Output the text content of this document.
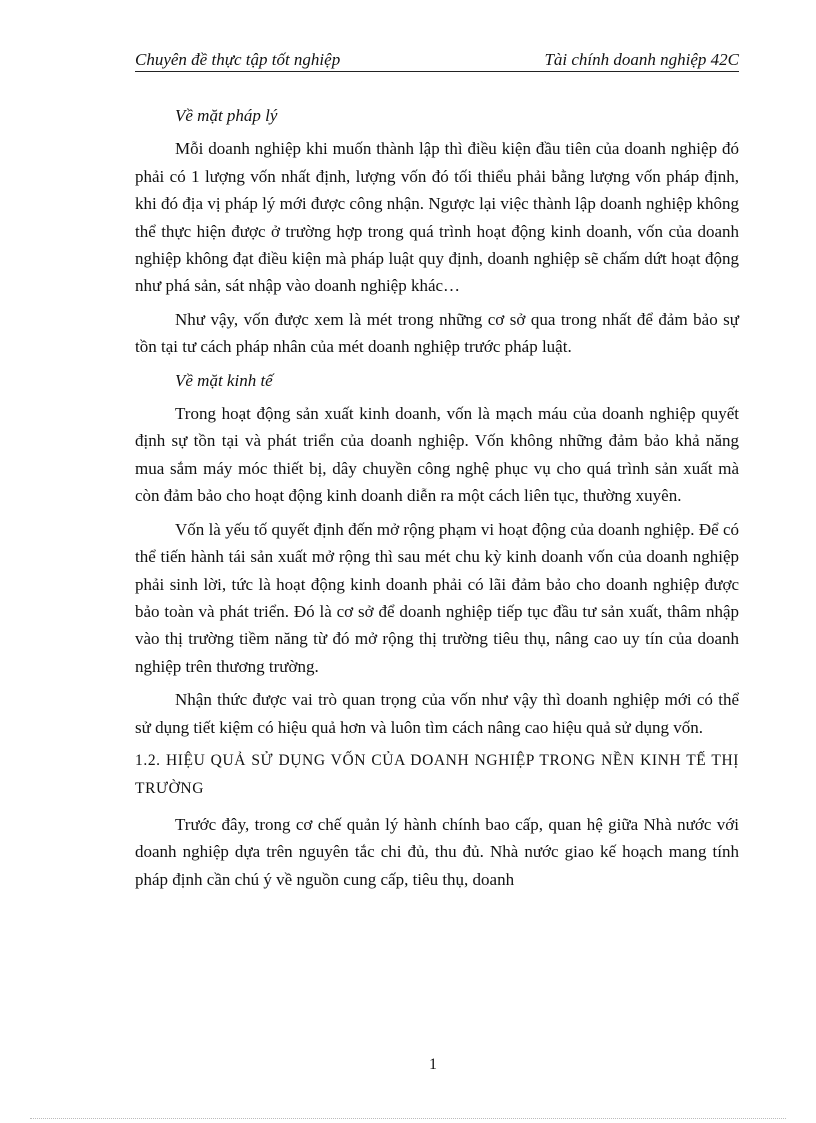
Chuyên đề thực tập tốt nghiệp	Tài chính doanh nghiệp 42C

Về mặt pháp lý

Mỗi doanh nghiệp khi muốn thành lập thì điều kiện đầu tiên của doanh nghiệp đó phải có 1 lượng vốn nhất định, lượng vốn đó tối thiểu phải bằng lượng vốn pháp định, khi đó địa vị pháp lý mới được công nhận. Ngược lại việc thành lập doanh nghiệp không thể thực hiện được ở trường hợp trong quá trình hoạt động kinh doanh, vốn của doanh nghiệp không đạt điều kiện mà pháp luật quy định, doanh nghiệp sẽ chấm dứt hoạt động như phá sản, sát nhập vào doanh nghiệp khác…

Như vậy, vốn được xem là mét trong những cơ sở qua trong nhất để đảm bảo sự tồn tại tư cách pháp nhân của mét doanh nghiệp trước pháp luật.

Về mặt kinh tế

Trong hoạt động sản xuất kinh doanh, vốn là mạch máu của doanh nghiệp quyết định sự tồn tại và phát triển của doanh nghiệp. Vốn không những đảm bảo khả năng mua sắm máy móc thiết bị, dây chuyền công nghệ phục vụ cho quá trình sản xuất mà còn đảm bảo cho hoạt động kinh doanh diễn ra một cách liên tục, thường xuyên.

Vốn là yếu tố quyết định đến mở rộng phạm vi hoạt động của doanh nghiệp. Để có thể tiến hành tái sản xuất mở rộng thì sau mét chu kỳ kinh doanh vốn của doanh nghiệp phải sinh lời, tức là hoạt động kinh doanh phải có lãi đảm bảo cho doanh nghiệp được bảo toàn và phát triển. Đó là cơ sở để doanh nghiệp tiếp tục đầu tư sản xuất, thâm nhập vào thị trường tiềm năng từ đó mở rộng thị trường tiêu thụ, nâng cao uy tín của doanh nghiệp trên thương trường.

Nhận thức được vai trò quan trọng của vốn như vậy thì doanh nghiệp mới có thể sử dụng tiết kiệm có hiệu quả hơn và luôn tìm cách nâng cao hiệu quả sử dụng vốn.

1.2. HIỆU QUẢ SỬ DỤNG VỐN CỦA DOANH NGHIỆP TRONG NỀN KINH TẾ THỊ TRƯỜNG

Trước đây, trong cơ chế quản lý hành chính bao cấp, quan hệ giữa Nhà nước với doanh nghiệp dựa trên nguyên tắc chi đủ, thu đủ. Nhà nước giao kế hoạch mang tính pháp định cần chú ý về nguồn cung cấp, tiêu thụ, doanh

1
